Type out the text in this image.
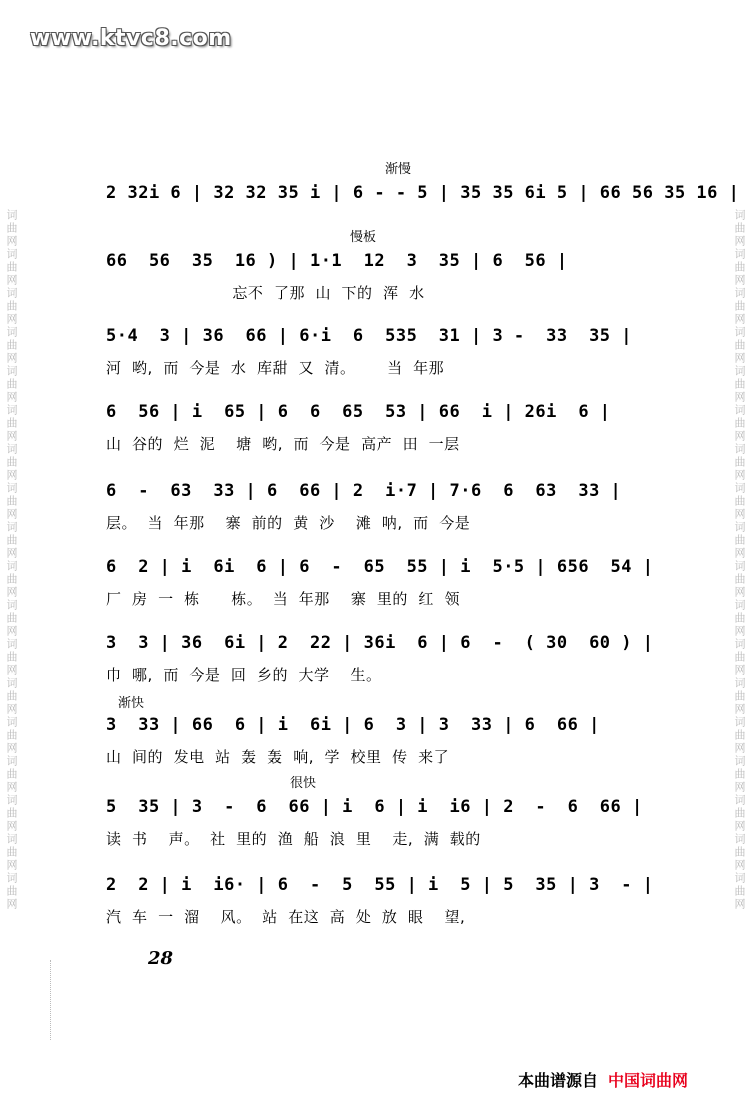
词曲网词曲网词曲网词曲网词曲网词曲网词曲网词曲网词曲网词曲网词曲网词曲网词曲网词曲网词曲网词曲网词曲网词曲网	词曲网词曲网词曲网词曲网词曲网词曲网词曲网词曲网词曲网词曲网词曲网词曲网词曲网词曲网词曲网词曲网词曲网词曲网
www.ktvc8.com
渐慢
慢板
渐快
很快
2 32i 6 | 32 32 35 i | 6 - - 5 | 35 35 6i 5 | 66 56 35 16 |
66  56  35  16 ) | 1·1  12  3  35 | 6  56 |
忘不  了那  山  下的  浑  水
5·4  3 | 36  66 | 6·i  6  535  31 | 3 -  33  35 |
河  哟,  而  今是  水  库甜  又  清。      当  年那
6  56 | i  65 | 6  6  65  53 | 66  i | 26i  6 |
山  谷的  烂  泥    塘  哟,  而  今是  高产  田  一层
6  -  63  33 | 6  66 | 2  i·7 | 7·6  6  63  33 |
层。  当  年那    寨  前的  黄  沙    滩  呐,  而  今是
6  2 | i  6i  6 | 6  -  65  55 | i  5·5 | 656  54 |
厂  房  一  栋      栋。  当  年那    寨  里的  红  领
3  3 | 36  6i | 2  22 | 36i  6 | 6  -  ( 30  60 ) |
巾  哪,  而  今是  回  乡的  大学    生。
3  33 | 66  6 | i  6i | 6  3 | 3  33 | 6  66 |
山  间的  发电  站  轰  轰  响,  学  校里  传  来了
5  35 | 3  -  6  66 | i  6 | i  i6 | 2  -  6  66 |
读  书    声。  社  里的  渔  船  浪  里    走,  满  载的
2  2 | i  i6· | 6  -  5  55 | i  5 | 5  35 | 3  - |
汽  车  一  溜    风。  站  在这  高  处  放  眼    望,
28
本曲谱源自 中国词曲网
